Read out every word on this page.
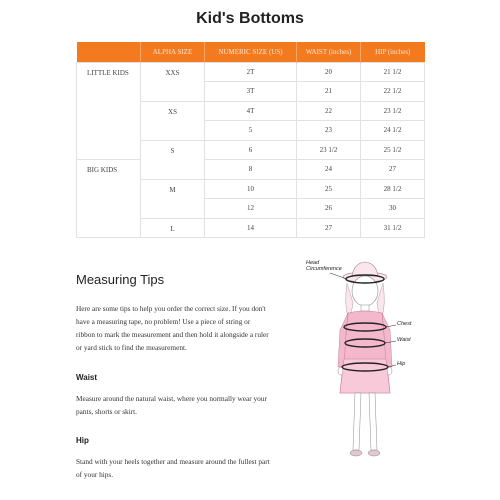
Kid's Bottoms
	ALPHA SIZE	NUMERIC SIZE (US)	WAIST (inches)	HIP (inches)
LITTLE KIDS	XXS	2T	20	21 1/2
		3T	21	22 1/2
	XS	4T	22	23 1/2
		5	23	24 1/2
	S	6	23 1/2	25 1/2
BIG KIDS		8	24	27
	M	10	25	28 1/2
		12	26	30
	L	14	27	31 1/2
Measuring Tips
Here are some tips to help you order the correct size. If you don't
have a measuring tape, no problem! Use a piece of string or
ribbon to mark the measurement and then hold it alongside a ruler
or yard stick to find the measurement.
Waist
Measure around the natural waist, where you normally wear your
pants, shorts or skirt.
Hip
Stand with your heels together and measure around the fullest part
of your hips.
Head
Circumference
Chest
Waist
Hip
